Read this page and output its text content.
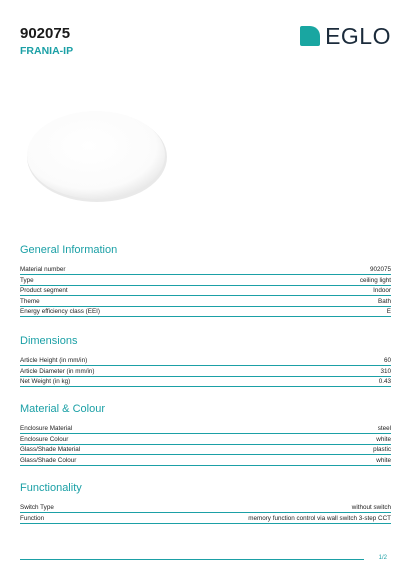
902075
FRANIA-IP
EGLO
General Information
Material number	902075
Type	ceiling light
Product segment	Indoor
Theme	Bath
Energy efficiency class (EEI)	E
Dimensions
Article Height (in mm/in)	60
Article Diameter (in mm/in)	310
Net Weight (in kg)	0.43
Material & Colour
Enclosure Material	steel
Enclosure Colour	white
Glass/Shade Material	plastic
Glass/Shade Colour	white
Functionality
Switch Type	without switch
Function	memory function control via wall switch 3-step CCT
1/2
